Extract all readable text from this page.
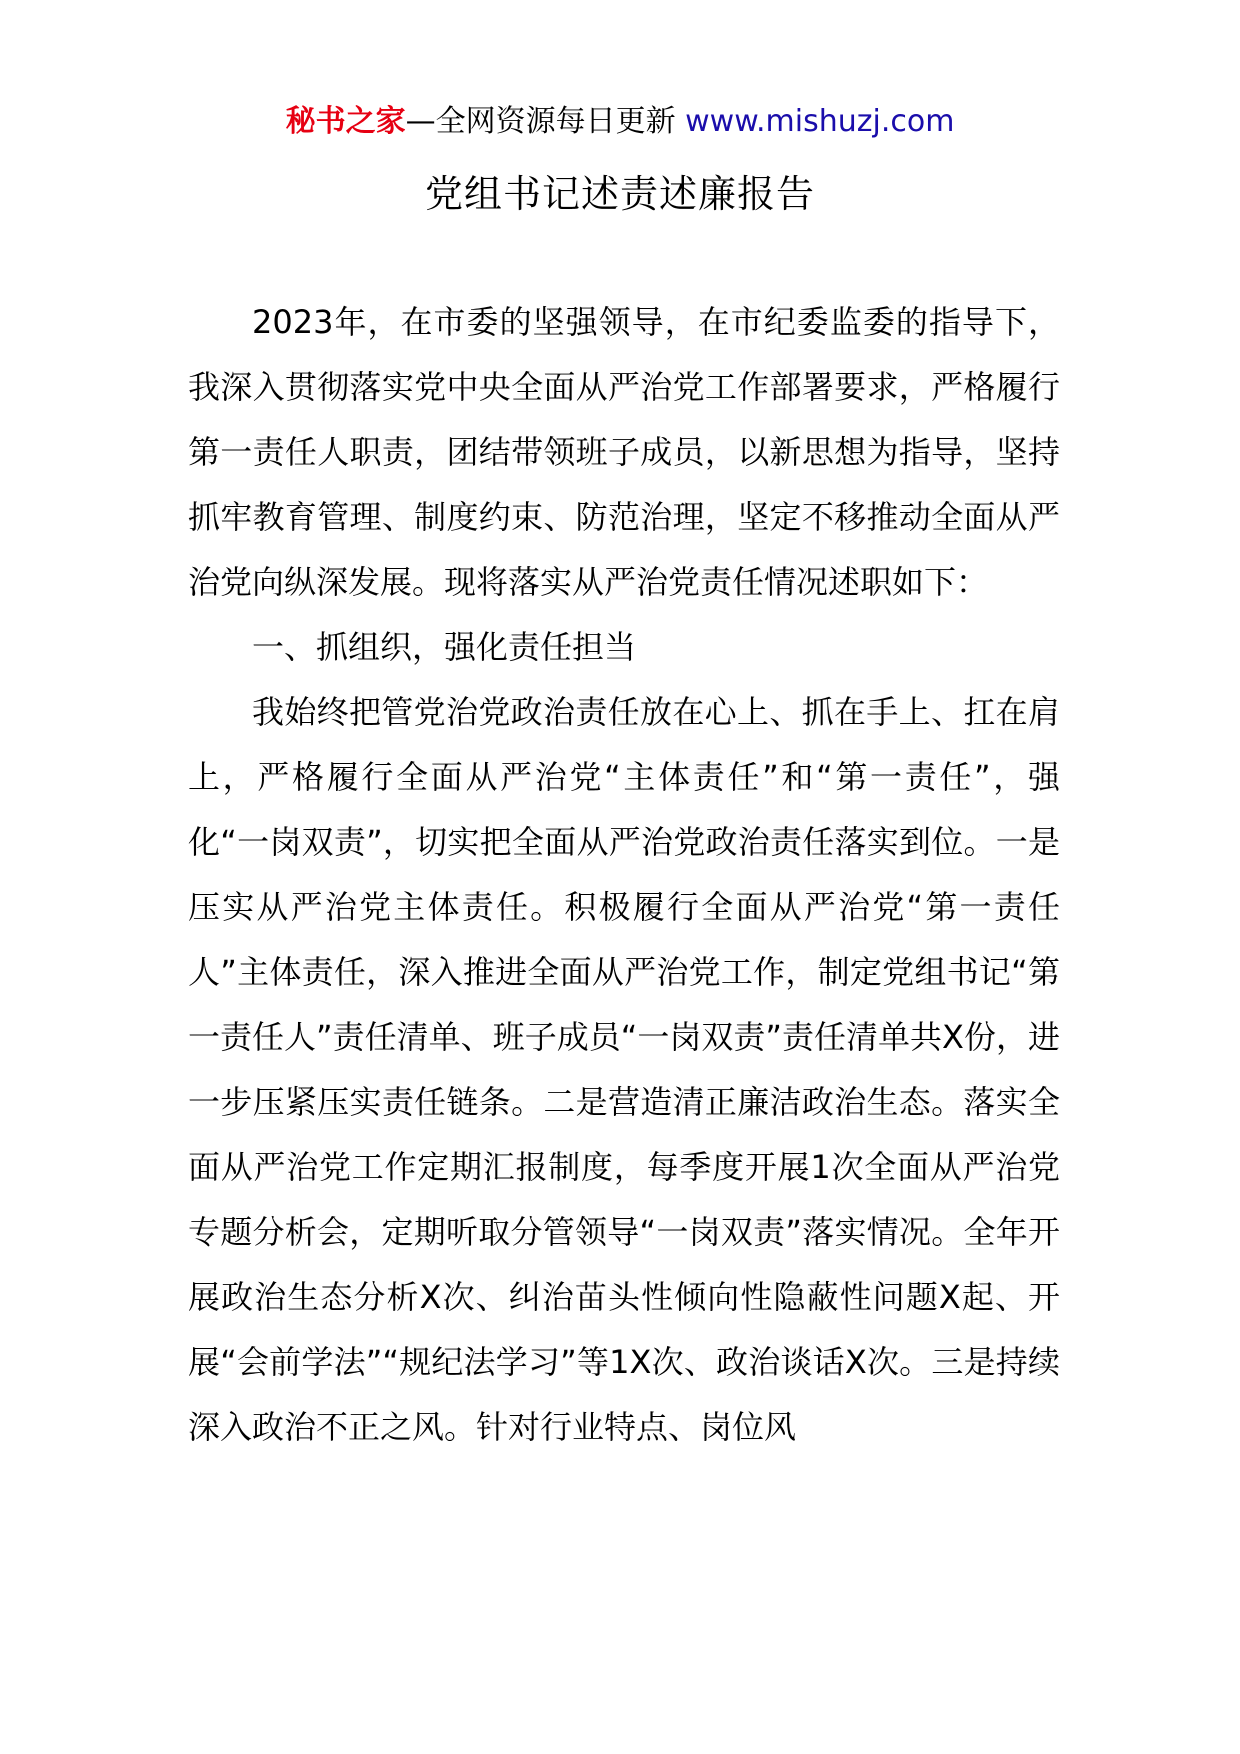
秘书之家—全网资源每日更新 www.mishuzj.com
党组书记述责述廉报告

2023年，在市委的坚强领导，在市纪委监委的指导下，我深入贯彻落实党中央全面从严治党工作部署要求，严格履行第一责任人职责，团结带领班子成员，以新思想为指导，坚持抓牢教育管理、制度约束、防范治理，坚定不移推动全面从严治党向纵深发展。现将落实从严治党责任情况述职如下：

一、抓组织，强化责任担当

我始终把管党治党政治责任放在心上、抓在手上、扛在肩上，严格履行全面从严治党“主体责任”和“第一责任”，强化“一岗双责”，切实把全面从严治党政治责任落实到位。一是压实从严治党主体责任。积极履行全面从严治党“第一责任人”主体责任，深入推进全面从严治党工作，制定党组书记“第一责任人”责任清单、班子成员“一岗双责”责任清单共X份，进一步压紧压实责任链条。二是营造清正廉洁政治生态。落实全面从严治党工作定期汇报制度，每季度开展1次全面从严治党专题分析会，定期听取分管领导“一岗双责”落实情况。全年开展政治生态分析X次、纠治苗头性倾向性隐蔽性问题X起、开展“会前学法”“规纪法学习”等1X次、政治谈话X次。三是持续深入政治不正之风。针对行业特点、岗位风
